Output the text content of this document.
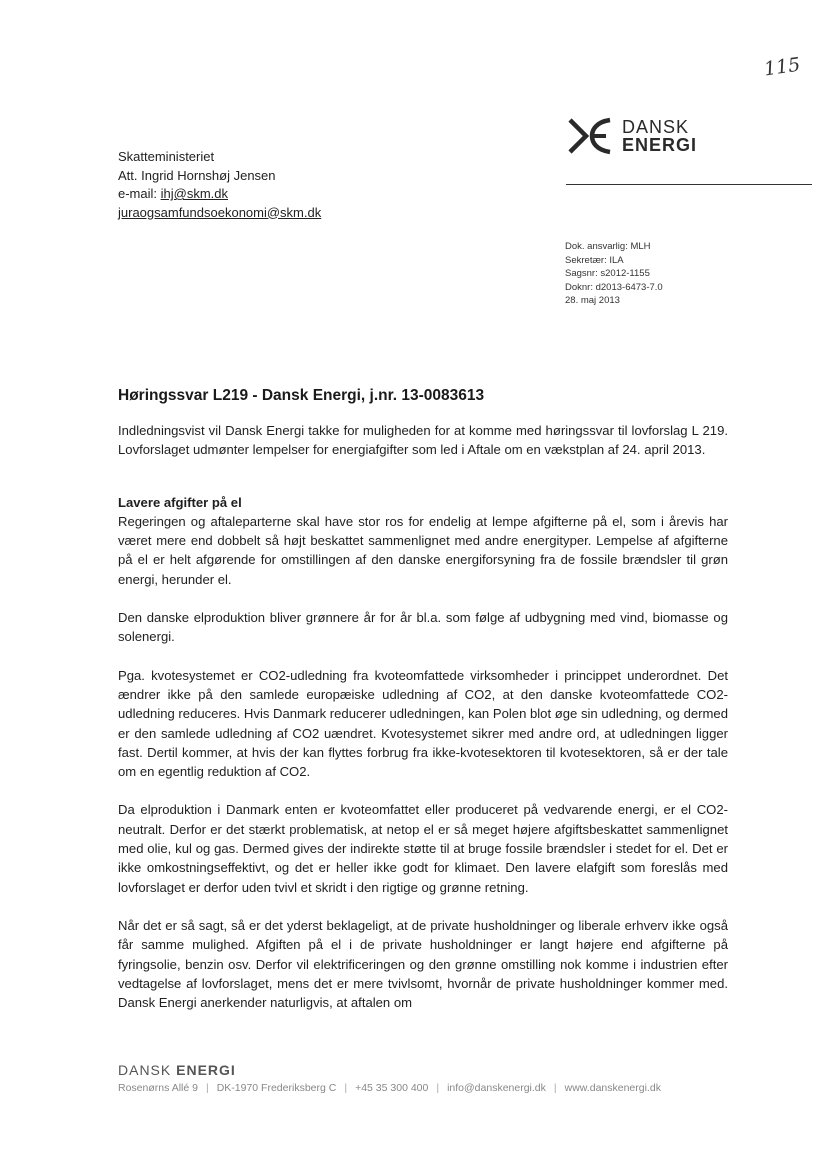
115
DANSK
ENERGI
Skatteministeriet
Att. Ingrid Hornshøj Jensen
e-mail: ihj@skm.dk
juraogsamfundsoekonomi@skm.dk
Dok. ansvarlig: MLH
Sekretær: ILA
Sagsnr: s2012-1155
Doknr: d2013-6473-7.0
28. maj 2013
Høringssvar L219 - Dansk Energi, j.nr. 13-0083613

Indledningsvist vil Dansk Energi takke for muligheden for at komme med høringssvar til lovforslag L 219. Lovforslaget udmønter lempelser for energiafgifter som led i Aftale om en vækstplan af 24. april 2013.

Lavere afgifter på el

Regeringen og aftaleparterne skal have stor ros for endelig at lempe afgifterne på el, som i årevis har været mere end dobbelt så højt beskattet sammenlignet med andre energityper. Lempelse af afgifterne på el er helt afgørende for omstillingen af den danske energiforsyning fra de fossile brændsler til grøn energi, herunder el.

Den danske elproduktion bliver grønnere år for år bl.a. som følge af udbygning med vind, biomasse og solenergi.

Pga. kvotesystemet er CO2-udledning fra kvoteomfattede virksomheder i princippet underordnet. Det ændrer ikke på den samlede europæiske udledning af CO2, at den danske kvoteomfattede CO2-udledning reduceres. Hvis Danmark reducerer udledningen, kan Polen blot øge sin udledning, og dermed er den samlede udledning af CO2 uændret. Kvotesystemet sikrer med andre ord, at udledningen ligger fast. Dertil kommer, at hvis der kan flyttes forbrug fra ikke-kvotesektoren til kvotesektoren, så er der tale om en egentlig reduktion af CO2.

Da elproduktion i Danmark enten er kvoteomfattet eller produceret på vedvarende energi, er el CO2-neutralt. Derfor er det stærkt problematisk, at netop el er så meget højere afgiftsbeskattet sammenlignet med olie, kul og gas. Dermed gives der indirekte støtte til at bruge fossile brændsler i stedet for el. Det er ikke omkostningseffektivt, og det er heller ikke godt for klimaet. Den lavere elafgift som foreslås med lovforslaget er derfor uden tvivl et skridt i den rigtige og grønne retning.

Når det er så sagt, så er det yderst beklageligt, at de private husholdninger og liberale erhverv ikke også får samme mulighed. Afgiften på el i de private husholdninger er langt højere end afgifterne på fyringsolie, benzin osv. Derfor vil elektrificeringen og den grønne omstilling nok komme i industrien efter vedtagelse af lovforslaget, mens det er mere tvivlsomt, hvornår de private husholdninger kommer med. Dansk Energi anerkender naturligvis, at aftalen om

DANSK ENERGI
Rosenørns Allé 9 | DK-1970 Frederiksberg C | +45 35 300 400 | info@danskenergi.dk | www.danskenergi.dk
